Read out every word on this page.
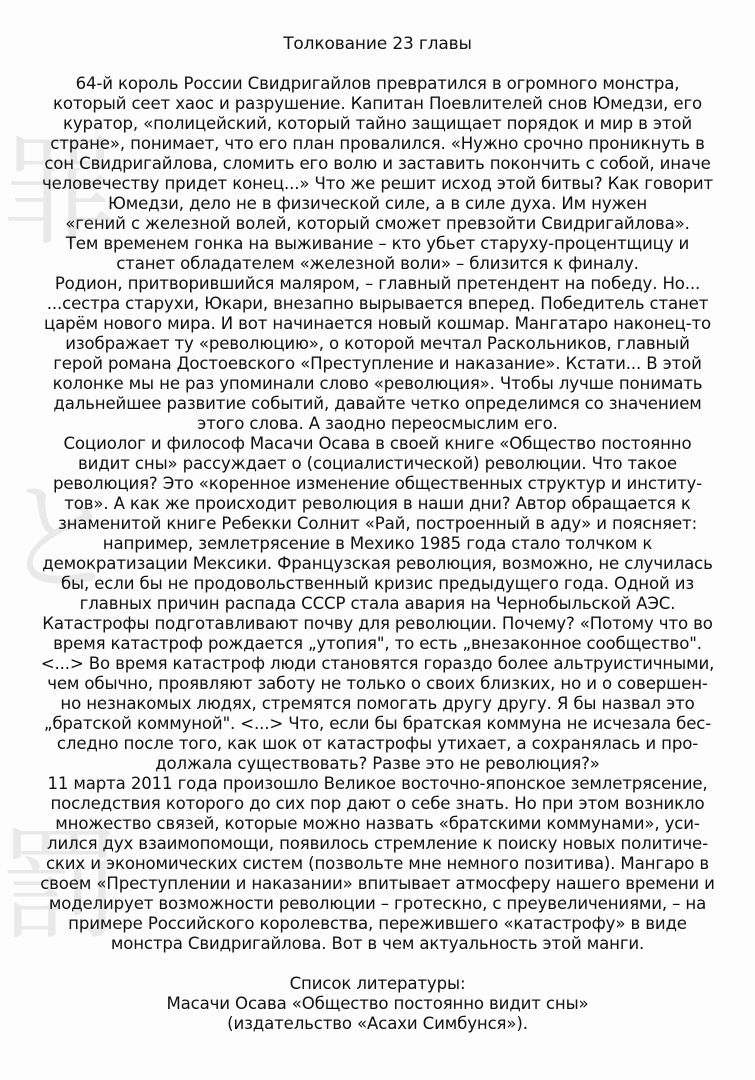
罪
と
罰
Толкование 23 главы
64-й король России Свидригайлов превратился в огромного монстра,
который сеет хаос и разрушение. Капитан Поевлителей снов Юмедзи, его
куратор, «полицейский, который тайно защищает порядок и мир в этой
стране», понимает, что его план провалился. «Нужно срочно проникнуть в
сон Свидригайлова, сломить его волю и заставить покончить с собой, иначе
человечеству придет конец...» Что же решит исход этой битвы? Как говорит
Юмедзи, дело не в физической силе, а в силе духа. Им нужен
«гений с железной волей, который сможет превзойти Свидригайлова».
Тем временем гонка на выживание – кто убьет старуху-процентщицу и
станет обладателем «железной воли» – близится к финалу.
Родион, притворившийся маляром, – главный претендент на победу. Но...
...сестра старухи, Юкари, внезапно вырывается вперед. Победитель станет
царём нового мира. И вот начинается новый кошмар. Мангатаро наконец-то
изображает ту «революцию», о которой мечтал Раскольников, главный
герой романа Достоевского «Преступление и наказание». Кстати... В этой
колонке мы не раз упоминали слово «революция». Чтобы лучше понимать
дальнейшее развитие событий, давайте четко определимся со значением
этого слова. А заодно переосмыслим его.
Социолог и философ Масачи Осава в своей книге «Общество постоянно
видит сны» рассуждает о (социалистической) революции. Что такое
революция? Это «коренное изменение общественных структур и институ-
тов». А как же происходит революция в наши дни? Автор обращается к
знаменитой книге Ребекки Солнит «Рай, построенный в аду» и поясняет:
например, землетрясение в Мехико 1985 года стало толчком к
демократизации Мексики. Французская революция, возможно, не случилась
бы, если бы не продовольственный кризис предыдущего года. Одной из
главных причин распада СССР стала авария на Чернобыльской АЭС.
Катастрофы подготавливают почву для революции. Почему? «Потому что во
время катастроф рождается „утопия", то есть „внезаконное сообщество".
<...> Во время катастроф люди становятся гораздо более альтруистичными,
чем обычно, проявляют заботу не только о своих близких, но и о совершен-
но незнакомых людях, стремятся помогать другу другу. Я бы назвал это
„братской коммуной". <...> Что, если бы братская коммуна не исчезала бес-
следно после того, как шок от катастрофы утихает, а сохранялась и про-
должала существовать? Разве это не революция?»
11 марта 2011 года произошло Великое восточно-японское землетрясение,
последствия которого до сих пор дают о себе знать. Но при этом возникло
множество связей, которые можно назвать «братскими коммунами», уси-
лился дух взаимопомощи, появилось стремление к поиску новых политиче-
ских и экономических систем (позвольте мне немного позитива). Мангаро в
своем «Преступлении и наказании» впитывает атмосферу нашего времени и
моделирует возможности революции – гротескно, с преувеличениями, – на
примере Российского королевства, пережившего «катастрофу» в виде
монстра Свидригайлова. Вот в чем актуальность этой манги.
Список литературы:
Масачи Осава «Общество постоянно видит сны»
(издательство «Асахи Симбунся»).
